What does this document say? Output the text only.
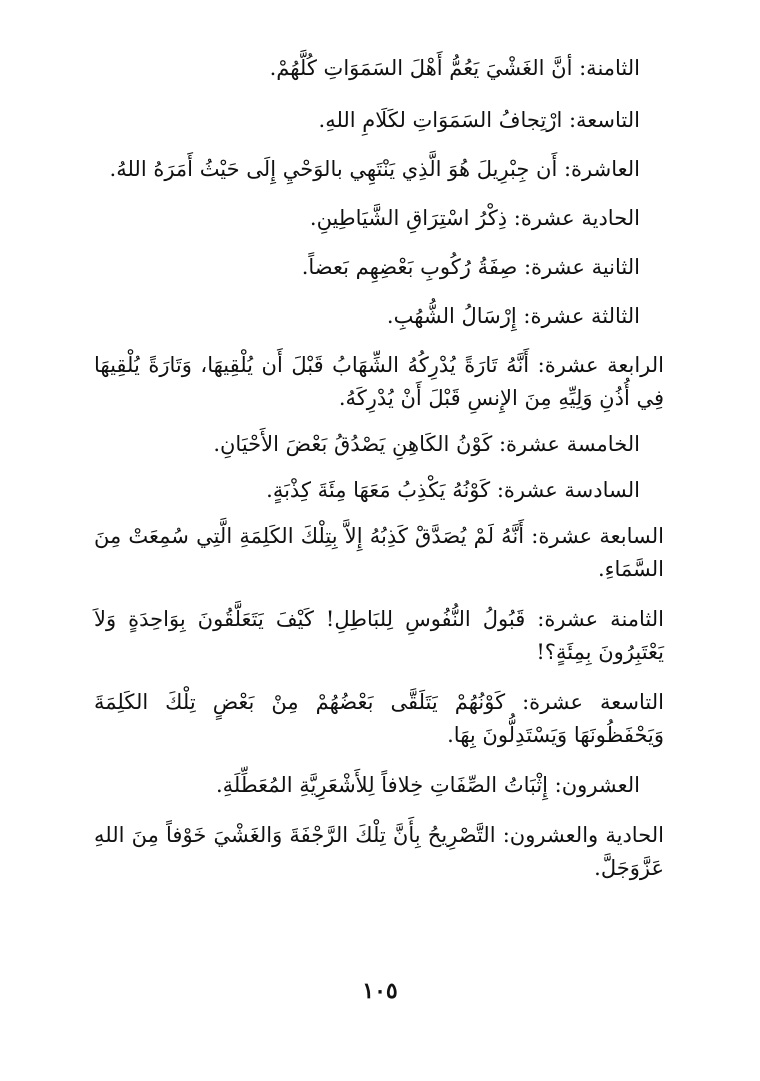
الثامنة: أنَّ الغَشْيَ يَعُمُّ أَهْلَ السَمَوَاتِ كُلَّهُمْ.

التاسعة: ارْتِجافُ السَمَوَاتِ لكَلَامِ اللهِ.

العاشرة: أَن جِبْرِيلَ هُوَ الَّذِي يَنْتَهِي بالوَحْيِ إِلَى حَيْثُ أَمَرَهُ اللهُ.

الحادية عشرة: ذِكْرُ اسْتِرَاقِ الشَّيَاطِينِ.

الثانية عشرة: صِفَةُ رُكُوبِ بَعْضِهِم بَعضاً.

الثالثة عشرة: إِرْسَالُ الشُّهُبِ.

الرابعة عشرة: أَنَّهُ تَارَةً يُدْرِكُهُ الشِّهَابُ قَبْلَ أَن يُلْقِيهَا، وَتَارَةً يُلْقِيهَا فِي أُذُنِ وَلِيِّهِ مِنَ الإِنسِ قَبْلَ أَنْ يُدْرِكَهُ.

الخامسة عشرة: كَوْنُ الكَاهِنِ يَصْدُقُ بَعْضَ الأَحْيَانِ.

السادسة عشرة: كَوْنُهُ يَكْذِبُ مَعَهَا مِئَةَ كِذْبَةٍ.

السابعة عشرة: أَنَّهُ لَمْ يُصَدَّقْ كَذِبُهُ إِلاَّ بِتِلْكَ الكَلِمَةِ الَّتِي سُمِعَتْ مِنَ السَّمَاءِ.

الثامنة عشرة: قَبُولُ النُّفُوسِ لِلبَاطِلِ! كَيْفَ يَتَعَلَّقُونَ بِوَاحِدَةٍ وَلاَ يَعْتَبِرُونَ بِمِئَةٍ؟!

التاسعة عشرة: كَوْنُهُمْ يَتَلَقَّى بَعْضُهُمْ مِنْ بَعْضٍ تِلْكَ الكَلِمَةَ وَيَحْفَظُونَهَا وَيَسْتَدِلُّونَ بِهَا.

العشرون: إِثْبَاتُ الصِّفَاتِ خِلافاً لِلأَشْعَرِيَّةِ المُعَطِّلَةِ.

الحادية والعشرون: التَّصْرِيحُ بِأَنَّ تِلْكَ الرَّجْفَةَ وَالغَشْيَ خَوْفاً مِنَ اللهِ عَزَّوَجَلَّ.

١٠٥
